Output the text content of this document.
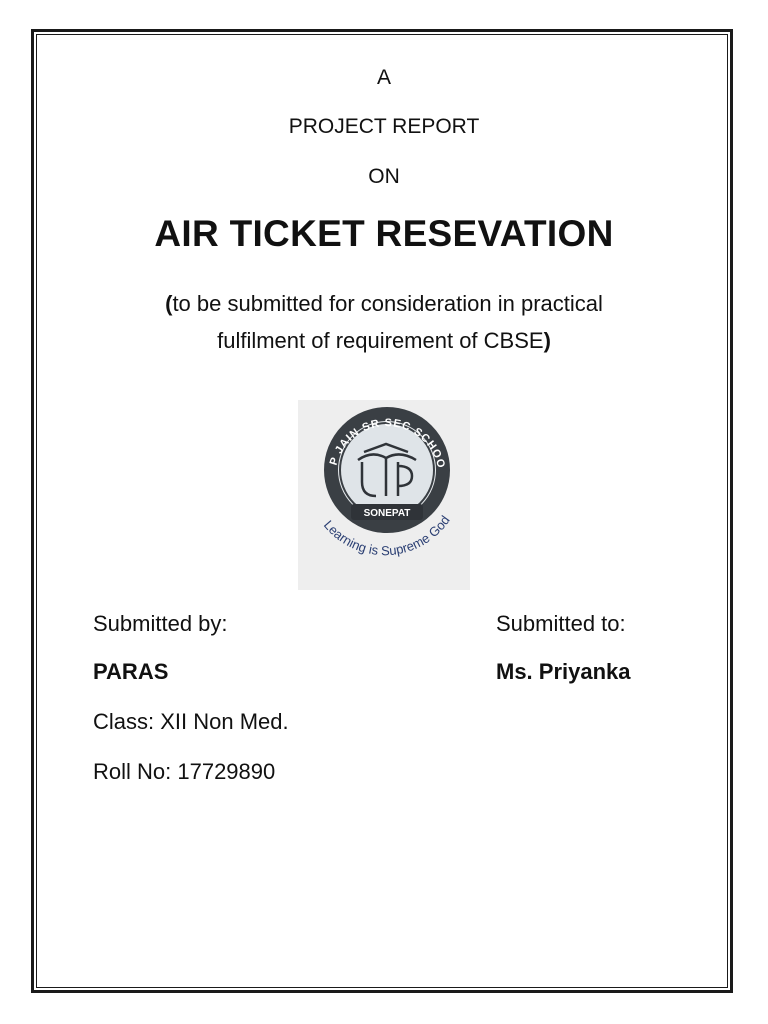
A
PROJECT REPORT
ON
AIR TICKET RESEVATION
(to be submitted for consideration in practical
fulfilment of requirement of CBSE)
P JAIN SR SEC SCHOO
SONEPAT
Learning is Supreme God
Submitted by:
PARAS
Class: XII Non Med.
Roll No: 17729890
Submitted to:
Ms. Priyanka
